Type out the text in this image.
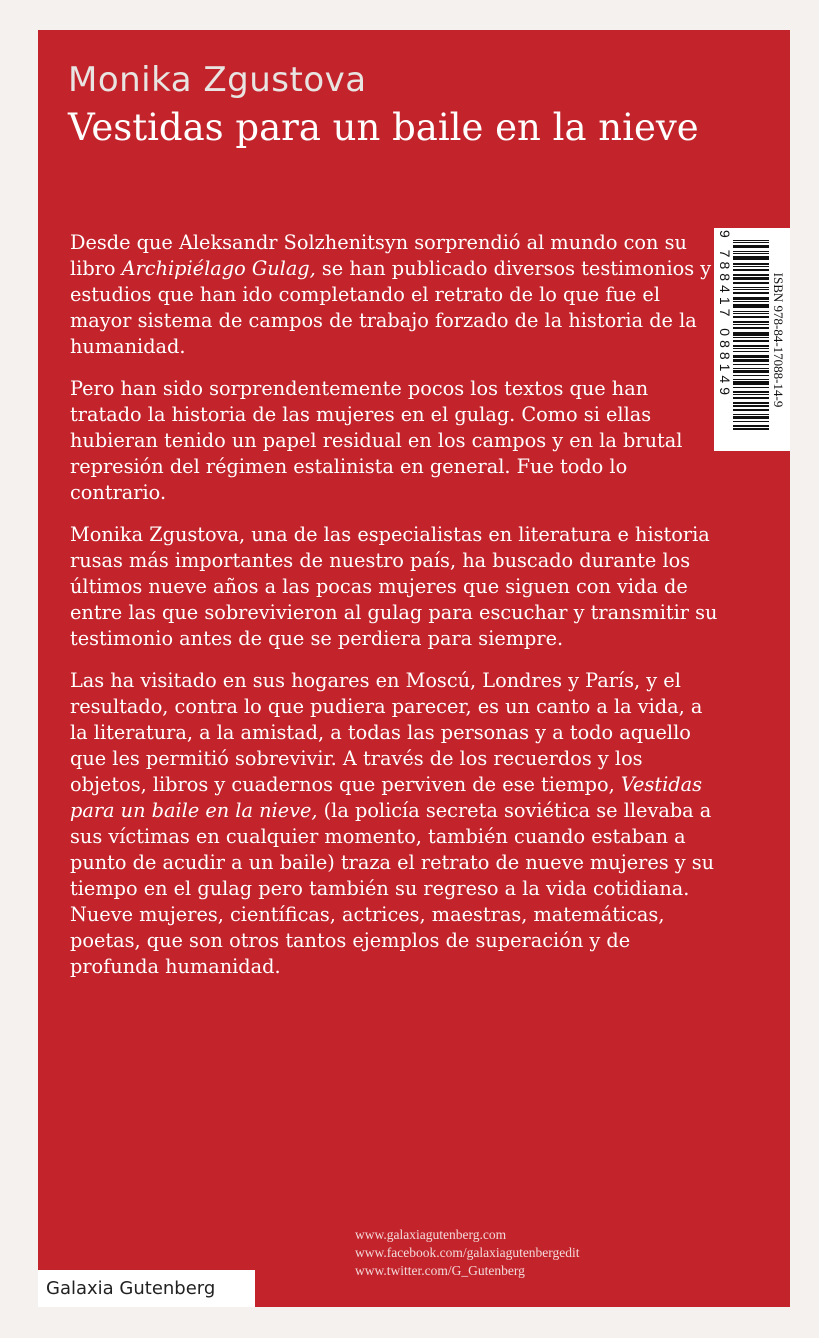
Monika Zgustova
Vestidas para un baile en la nieve

Desde que Aleksandr Solzhenitsyn sorprendió al mundo con su libro Archipiélago Gulag, se han publicado diversos testimonios y estudios que han ido completando el retrato de lo que fue el mayor sistema de campos de trabajo forzado de la historia de la humanidad.

Pero han sido sorprendentemente pocos los textos que han tratado la historia de las mujeres en el gulag. Como si ellas hubieran tenido un papel residual en los campos y en la brutal represión del régimen estalinista en general. Fue todo lo contrario.

Monika Zgustova, una de las especialistas en literatura e historia rusas más importantes de nuestro país, ha buscado durante los últimos nueve años a las pocas mujeres que siguen con vida de entre las que sobrevivieron al gulag para escuchar y transmitir su testimonio antes de que se perdiera para siempre.

Las ha visitado en sus hogares en Moscú, Londres y París, y el resultado, contra lo que pudiera parecer, es un canto a la vida, a la literatura, a la amistad, a todas las personas y a todo aquello que les permitió sobrevivir. A través de los recuerdos y los objetos, libros y cuadernos que perviven de ese tiempo, Vestidas para un baile en la nieve, (la policía secreta soviética se llevaba a sus víctimas en cualquier momento, también cuando estaban a punto de acudir a un baile) traza el retrato de nueve mujeres y su tiempo en el gulag pero también su regreso a la vida cotidiana. Nueve mujeres, científicas, actrices, maestras, matemáticas, poetas, que son otros tantos ejemplos de superación y de profunda humanidad.

ISBN 978-84-17088-14-9
9 788417 088149
www.galaxiagutenberg.com
www.facebook.com/galaxiagutenbergedit
www.twitter.com/G_Gutenberg
Galaxia Gutenberg
